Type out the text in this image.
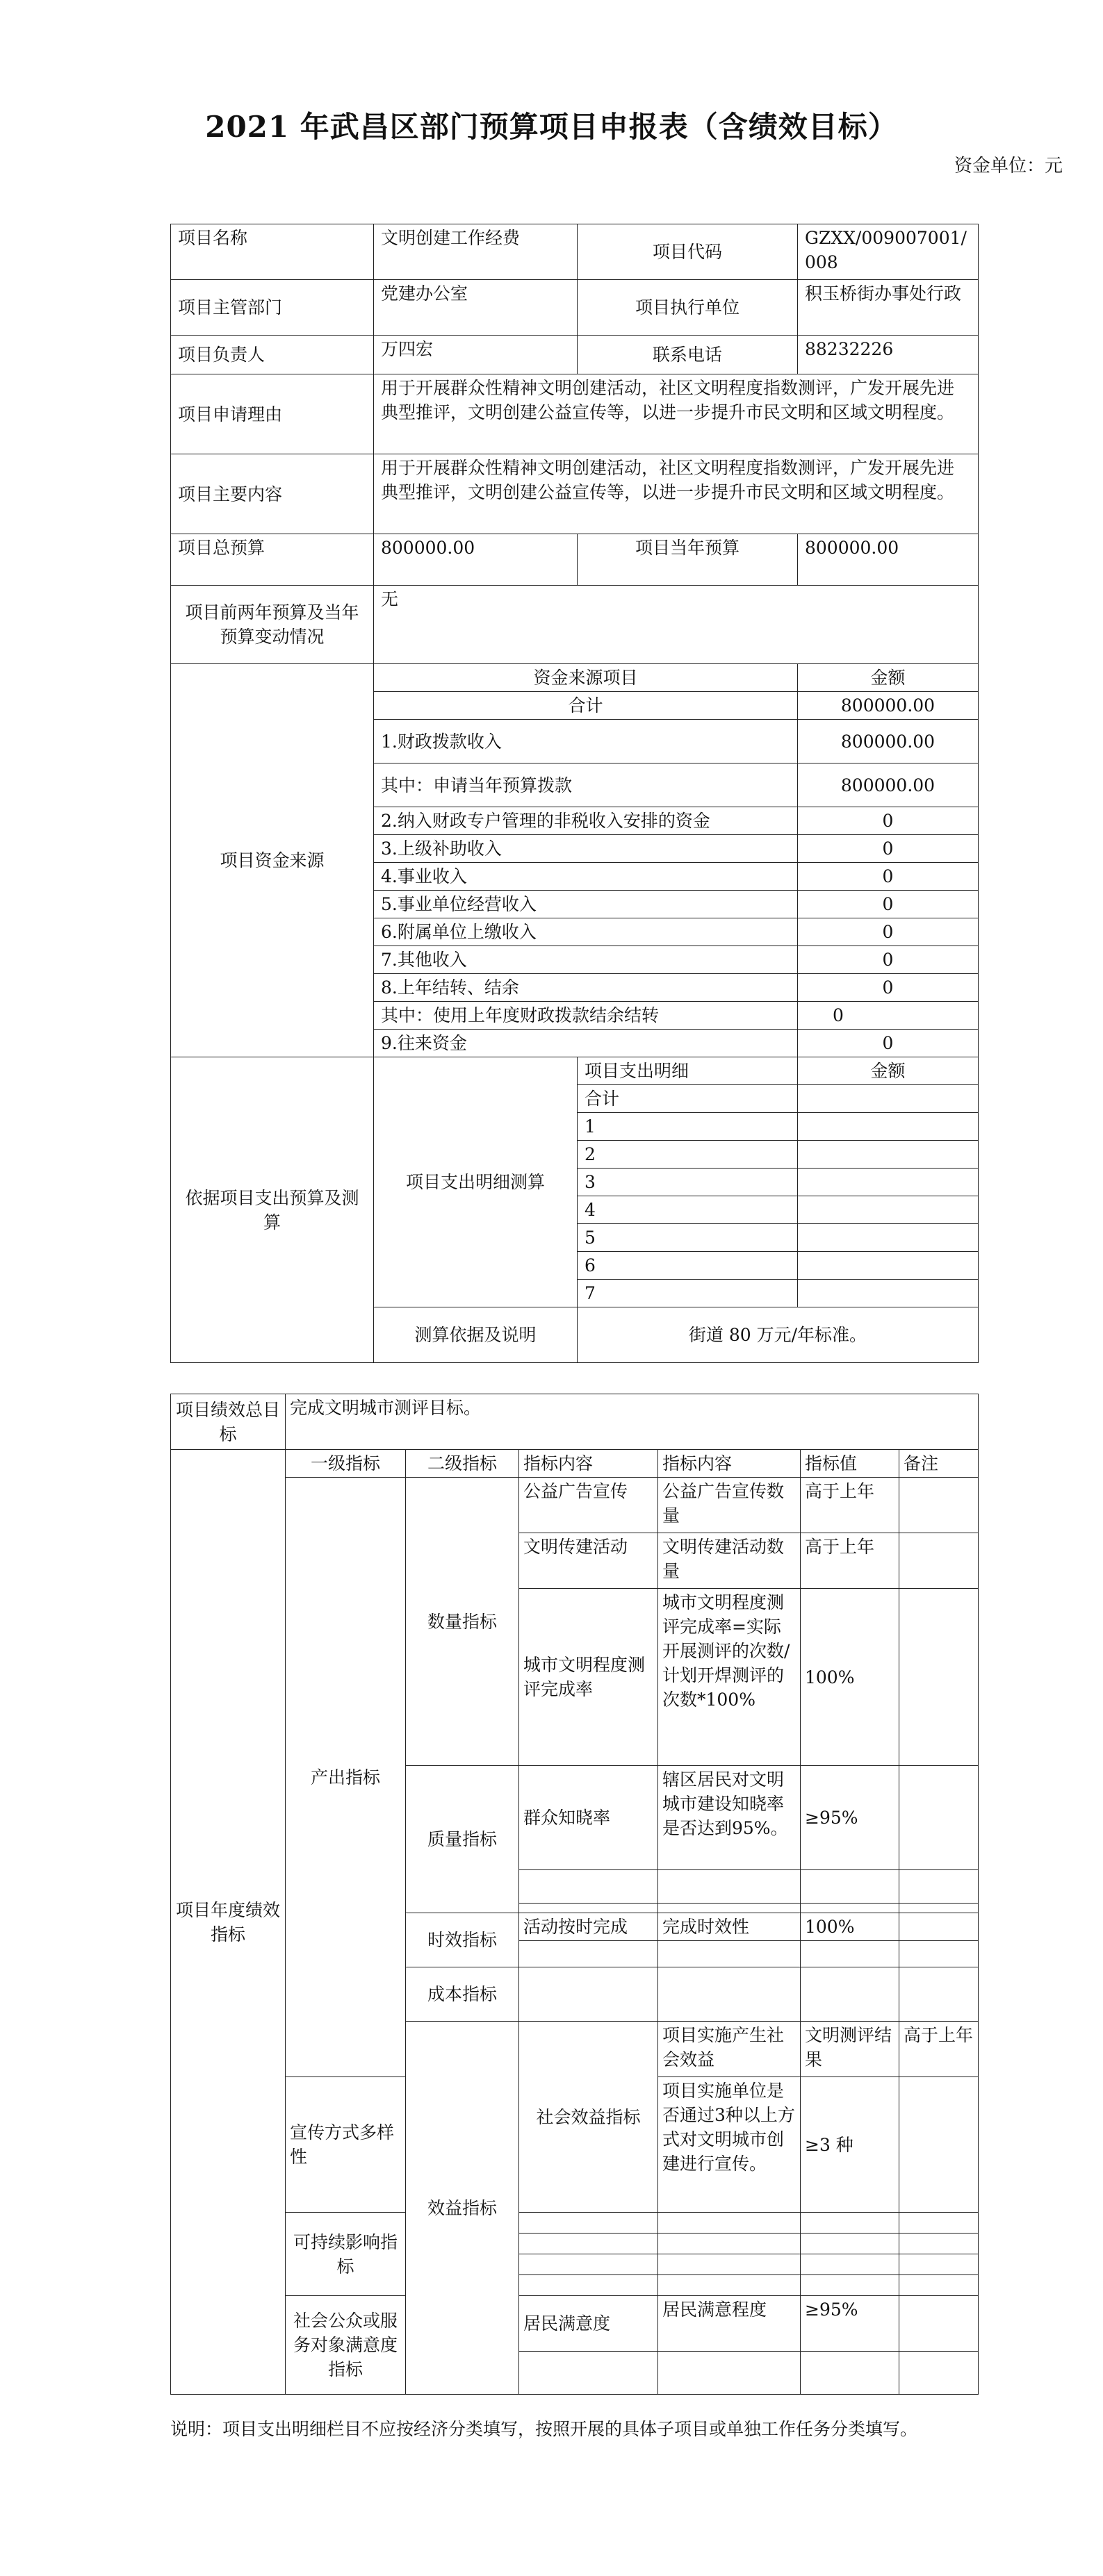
2021 年武昌区部门预算项目申报表（含绩效目标）
资金单位：元
项目名称	文明创建工作经费	项目代码	GZXX/009007001/008
项目主管部门	党建办公室	项目执行单位	积玉桥街办事处行政
项目负责人	万四宏	联系电话	88232226
项目申请理由	用于开展群众性精神文明创建活动，社区文明程度指数测评，广发开展先进典型推评，文明创建公益宣传等，以进一步提升市民文明和区域文明程度。		
项目主要内容	用于开展群众性精神文明创建活动，社区文明程度指数测评，广发开展先进典型推评，文明创建公益宣传等，以进一步提升市民文明和区域文明程度。		
项目总预算	800000.00	项目当年预算	800000.00
项目前两年预算及当年预算变动情况	无		
项目资金来源	资金来源项目		金额
	合计		800000.00
	1.财政拨款收入		800000.00
	其中：申请当年预算拨款		800000.00
	2.纳入财政专户管理的非税收入安排的资金		0
	3.上级补助收入		0
	4.事业收入		0
	5.事业单位经营收入		0
	6.附属单位上缴收入		0
	7.其他收入		0
	8.上年结转、结余		0
	其中：使用上年度财政拨款结余结转		0
	9.往来资金		0
依据项目支出预算及测算	项目支出明细测算	项目支出明细	金额
		合计	
		1	
		2	
		3	
		4	
		5	
		6	
		7	
	测算依据及说明	街道 80 万元/年标准。	
项目绩效总目标	完成文明城市测评目标。						
项目年度绩效指标	一级指标	二级指标	指标内容	指标内容	指标值	备注	
	产出指标	数量指标	公益广告宣传	公益广告宣传数量	高于上年		
			文明传建活动	文明传建活动数量	高于上年		
			城市文明程度测评完成率	城市文明程度测评完成率=实际开展测评的次数/计划开焊测评的次数*100%	100%		
		质量指标	群众知晓率	辖区居民对文明城市建设知晓率是否达到95%。	≥95%		

		时效指标	活动按时完成	完成时效性	100%		

		成本指标					
		效益指标	社会效益指标	项目实施产生社会效益	文明测评结果	高于上年	
	宣传方式多样性			项目实施单位是否通过3种以上方式对文明城市创建进行宣传。	≥3 种		
	可持续影响指标						

	社会公众或服务对象满意度指标		居民满意度	居民满意程度	≥95%		

说明：项目支出明细栏目不应按经济分类填写，按照开展的具体子项目或单独工作任务分类填写。
